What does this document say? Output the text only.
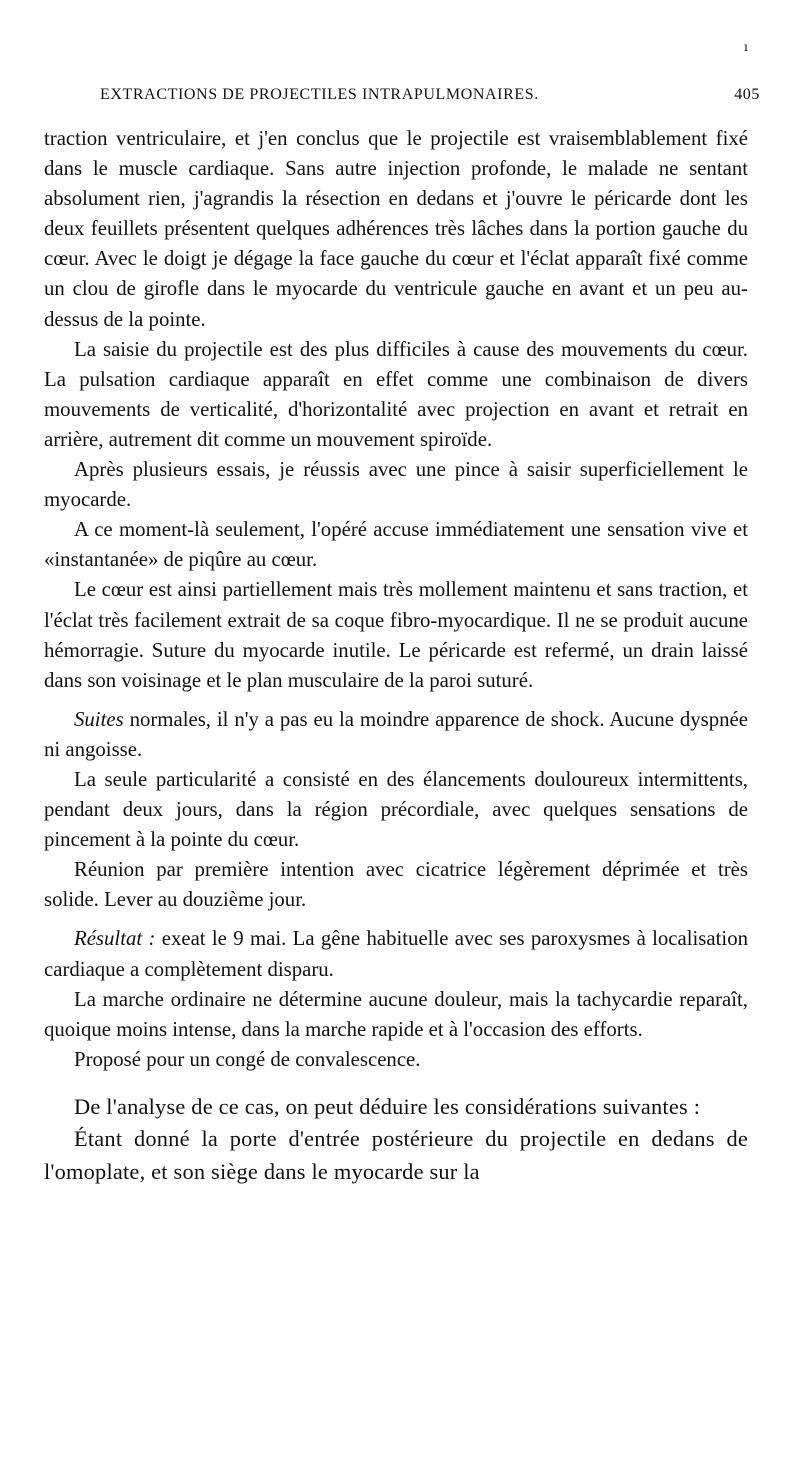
ı
EXTRACTIONS DE PROJECTILES INTRAPULMONAIRES.	405

traction ventriculaire, et j'en conclus que le projectile est vraisemblablement fixé dans le muscle cardiaque. Sans autre injection profonde, le malade ne sentant absolument rien, j'agrandis la résection en dedans et j'ouvre le péricarde dont les deux feuillets présentent quelques adhérences très lâches dans la portion gauche du cœur. Avec le doigt je dégage la face gauche du cœur et l'éclat apparaît fixé comme un clou de girofle dans le myocarde du ventricule gauche en avant et un peu au-dessus de la pointe.

La saisie du projectile est des plus difficiles à cause des mouvements du cœur. La pulsation cardiaque apparaît en effet comme une combinaison de divers mouvements de verticalité, d'horizontalité avec projection en avant et retrait en arrière, autrement dit comme un mouvement spiroïde.

Après plusieurs essais, je réussis avec une pince à saisir superficiellement le myocarde.

A ce moment-là seulement, l'opéré accuse immédiatement une sensation vive et «instantanée» de piqûre au cœur.

Le cœur est ainsi partiellement mais très mollement maintenu et sans traction, et l'éclat très facilement extrait de sa coque fibro-myocardique. Il ne se produit aucune hémorragie. Suture du myocarde inutile. Le péricarde est refermé, un drain laissé dans son voisinage et le plan musculaire de la paroi suturé.

Suites normales, il n'y a pas eu la moindre apparence de shock. Aucune dyspnée ni angoisse.

La seule particularité a consisté en des élancements douloureux intermittents, pendant deux jours, dans la région précordiale, avec quelques sensations de pincement à la pointe du cœur.

Réunion par première intention avec cicatrice légèrement déprimée et très solide. Lever au douzième jour.

Résultat : exeat le 9 mai. La gêne habituelle avec ses paroxysmes à localisation cardiaque a complètement disparu.

La marche ordinaire ne détermine aucune douleur, mais la tachycardie reparaît, quoique moins intense, dans la marche rapide et à l'occasion des efforts.

Proposé pour un congé de convalescence.

De l'analyse de ce cas, on peut déduire les considérations suivantes :

Étant donné la porte d'entrée postérieure du projectile en dedans de l'omoplate, et son siège dans le myocarde sur la
